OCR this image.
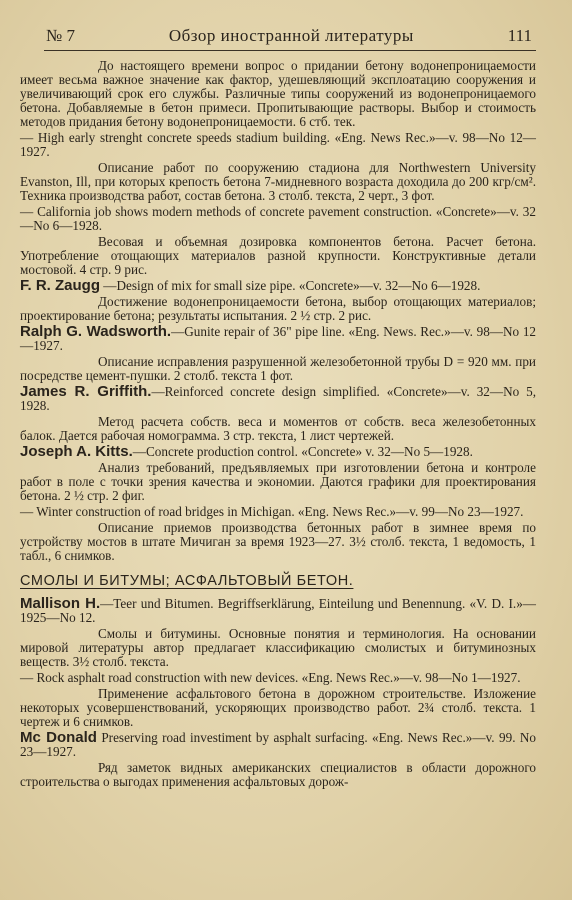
№ 7	Обзор иностранной литературы	111
До настоящего времени вопрос о придании бетону водонепроницаемости имеет весьма важное значение как фактор, удешевляющий эксплоатацию сооружения и увеличивающий срок его службы. Различные типы сооружений из водонепроницаемого бетона. Добавляемые в бетон примеси. Пропитывающие растворы. Выбор и стоимость методов придания бетону водонепроницаемости. 6 стб. тек.
— High early strenght concrete speeds stadium building. «Eng. News Rec.»—v. 98—No 12—1927.
Описание работ по сооружению стадиона для Northwestern University Evanston, Ill, при которых крепость бетона 7-мидневного возраста доходила до 200 кгр/см². Техника производства работ, состав бетона. 3 столб. текста, 2 черт., 3 фот.
— California job shows modern methods of concrete pavement construction. «Concrete»—v. 32—No 6—1928.
Весовая и объемная дозировка компонентов бетона. Расчет бетона. Употребление отощающих материалов разной крупности. Конструктивные детали мостовой. 4 стр. 9 рис.
F. R. Zaugg —Design of mix for small size pipe. «Concrete»—v. 32—No 6—1928.
Достижение водонепроницаемости бетона, выбор отощающих материалов; проектирование бетона; результаты испытания. 2 ½ стр. 2 рис.
Ralph G. Wadsworth.—Gunite repair of 36" pipe line. «Eng. News. Rec.»—v. 98—No 12—1927.
Описание исправления разрушенной железобетонной трубы D = 920 мм. при посредстве цемент-пушки. 2 столб. текста 1 фот.
James R. Griffith.—Reinforced concrete design simplified. «Concrete»—v. 32—No 5, 1928.
Метод расчета собств. веса и моментов от собств. веса железобетонных балок. Дается рабочая номограмма. 3 стр. текста, 1 лист чертежей.
Joseph A. Kitts.—Concrete production control. «Concrete» v. 32—No 5—1928.
Анализ требований, предъявляемых при изготовлении бетона и контроле работ в поле с точки зрения качества и экономии. Даются графики для проектирования бетона. 2 ½ стр. 2 фиг.
— Winter construction of road bridges in Michigan. «Eng. News Rec.»—v. 99—No 23—1927.
Описание приемов производства бетонных работ в зимнее время по устройству мостов в штате Мичиган за время 1923—27. 3½ столб. текста, 1 ведомость, 1 табл., 6 снимков.
СМОЛЫ И БИТУМЫ; АСФАЛЬТОВЫЙ БЕТОН.
Mallison H.—Teer und Bitumen. Begriffserklärung, Einteilung und Benennung. «V. D. I.»—1925—No 12.
Смолы и битумины. Основные понятия и терминология. На основании мировой литературы автор предлагает классификацию смолистых и битуминозных веществ. 3½ столб. текста.
— Rock asphalt road construction with new devices. «Eng. News Rec.»—v. 98—No 1—1927.
Применение асфальтового бетона в дорожном строительстве. Изложение некоторых усовершенствований, ускоряющих производство работ. 2¾ столб. текста. 1 чертеж и 6 снимков.
Mc Donald Preserving road investiment by asphalt surfacing. «Eng. News Rec.»—v. 99. No 23—1927.
Ряд заметок видных американских специалистов в области дорожного строительства о выгодах применения асфальтовых дорож-
